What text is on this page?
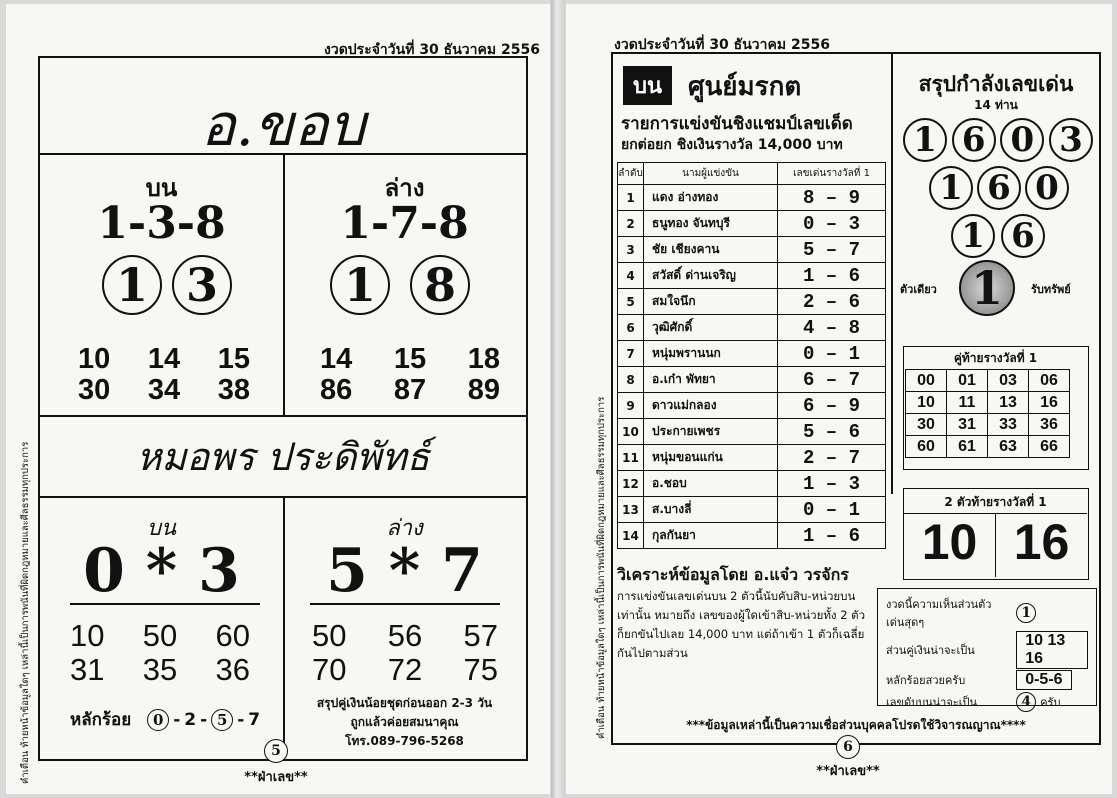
งวดประจำวันที่ 30 ธันวาคม 2556
คำเตือน ท้ายหน้าข้อมูลใดๆ เหล่านี้เป็นการพนันที่ผิดกฎหมายและศีลธรรมทุกประการ
อ.ขอบ
บน
1-3-8
1 3
10 14 15
30 34 38
ล่าง
1-7-8
1	8
14 15 18
86 87 89
หมอพร ประดิพัทธ์
บน
0 * 3
10 50 60
31 35 36
หลักร้อย	0 - 2 - 5 - 7
ล่าง
5 * 7
50 56 57
70 72 75
สรุปคู่เงินน้อยชุดก่อนออก 2-3 วัน
ถูกแล้วค่อยสมนาคุณ
โทร.089-796-5268
5
**ฝ่าเลข**
งวดประจำวันที่ 30 ธันวาคม 2556
คำเตือน ท้ายหน้าข้อมูลใดๆ เหล่านี้เป็นการพนันที่ผิดกฎหมายและศีลธรรมทุกประการ
บน ศูนย์มรกต
รายการแข่งขันชิงแชมป์เลขเด็ด
ยกต่อยก ชิงเงินรางวัล 14,000 บาท
ลำดับ	นามผู้แข่งขัน	เลขเด่นรางวัลที่ 1
1	แดง อ่างทอง	8 – 9
2	ธนูทอง จันทบุรี	0 – 3
3	ชัย เชียงคาน	5 – 7
4	สวัสดิ์ ด่านเจริญ	1 – 6
5	สมใจนึก	2 – 6
6	วุฒิศักดิ์	4 – 8
7	หนุ่มพรานนก	0 – 1
8	อ.เก๋า พัทยา	6 – 7
9	ดาวแม่กลอง	6 – 9
10	ประกายเพชร	5 – 6
11	หนุ่มขอนแก่น	2 – 7
12	อ.ชอบ	1 – 3
13	ส.บางลี่	0 – 1
14	กุลกันยา	1 – 6
วิเคราะห์ข้อมูลโดย อ.แจ๋ว วรจักร
การแข่งขันเลขเด่นบน 2 ตัวนี้นับคับสิบ-หน่วยบนเท่านั้น หมายถึง เลขของผู้ใดเข้าสิบ-หน่วยทั้ง 2 ตัว ก็ยกขันไปเลย 14,000 บาท แต่ถ้าเข้า 1 ตัวก็เฉลี่ยกันไปตามส่วน
สรุปกำลังเลขเด่น
14 ท่าน
1 6 0 3
1 6 0
1 6
ตัวเดียว 1	รับทรัพย์
คู่ท้ายรางวัลที่ 1
00	01	03	06
10	11	13	16
30	31	33	36
60	61	63	66
2 ตัวท้ายรางวัลที่ 1
10 16
งวดนี้ความเห็นส่วนตัว เด่นสุดๆ	1
ส่วนคู่เงินน่าจะเป็น	10 13 16
หลักร้อยสวยครับ	0-5-6
เลขดับบนน่าจะเป็น	4 ครับ
***ข้อมูลเหล่านี้เป็นความเชื่อส่วนบุคคลโปรดใช้วิจารณญาณ****
6
**ฝ่าเลข**
